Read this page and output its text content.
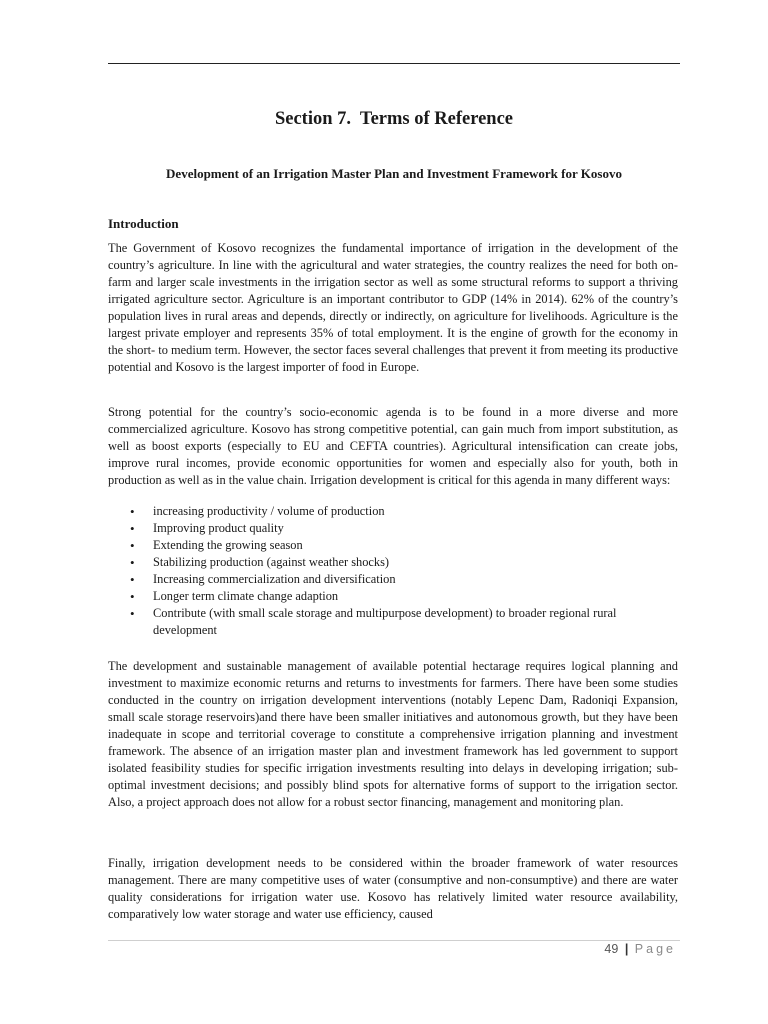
Section 7.  Terms of Reference
Development of an Irrigation Master Plan and Investment Framework for Kosovo
Introduction

The Government of Kosovo recognizes the fundamental importance of irrigation in the development of the country’s agriculture. In line with the agricultural and water strategies, the country realizes the need for both on-farm and larger scale investments in the irrigation sector as well as some structural reforms to support a thriving irrigated agriculture sector. Agriculture is an important contributor to GDP (14% in 2014). 62% of the country’s population lives in rural areas and depends, directly or indirectly, on agriculture for livelihoods. Agriculture is the largest private employer and represents 35% of total employment. It is the engine of growth for the economy in the short- to medium term. However, the sector faces several challenges that prevent it from meeting its productive potential and Kosovo is the largest importer of food in Europe.

Strong potential for the country’s socio-economic agenda is to be found in a more diverse and more commercialized agriculture. Kosovo has strong competitive potential, can gain much from import substitution, as well as boost exports (especially to EU and CEFTA countries). Agricultural intensification can create jobs, improve rural incomes, provide economic opportunities for women and especially also for youth, both in production as well as in the value chain. Irrigation development is critical for this agenda in many different ways:

• increasing productivity / volume of production
• Improving product quality
• Extending the growing season
• Stabilizing production (against weather shocks)
• Increasing commercialization and diversification
• Longer term climate change adaption
• Contribute (with small scale storage and multipurpose development) to broader regional rural development

The development and sustainable management of available potential hectarage requires logical planning and investment to maximize economic returns and returns to investments for farmers. There have been some studies conducted in the country on irrigation development interventions (notably Lepenc Dam, Radoniqi Expansion, small scale storage reservoirs)and there have been smaller initiatives and autonomous growth, but they have been inadequate in scope and territorial coverage to constitute a comprehensive irrigation planning and investment framework. The absence of an irrigation master plan and investment framework has led government to support isolated feasibility studies for specific irrigation investments resulting into delays in developing irrigation; sub-optimal investment decisions; and possibly blind spots for alternative forms of support to the irrigation sector. Also, a project approach does not allow for a robust sector financing, management and monitoring plan.

Finally, irrigation development needs to be considered within the broader framework of water resources management. There are many competitive uses of water (consumptive and non-consumptive) and there are water quality considerations for irrigation water use. Kosovo has relatively limited water resource availability, comparatively low water storage and water use efficiency, caused

49 | Page
